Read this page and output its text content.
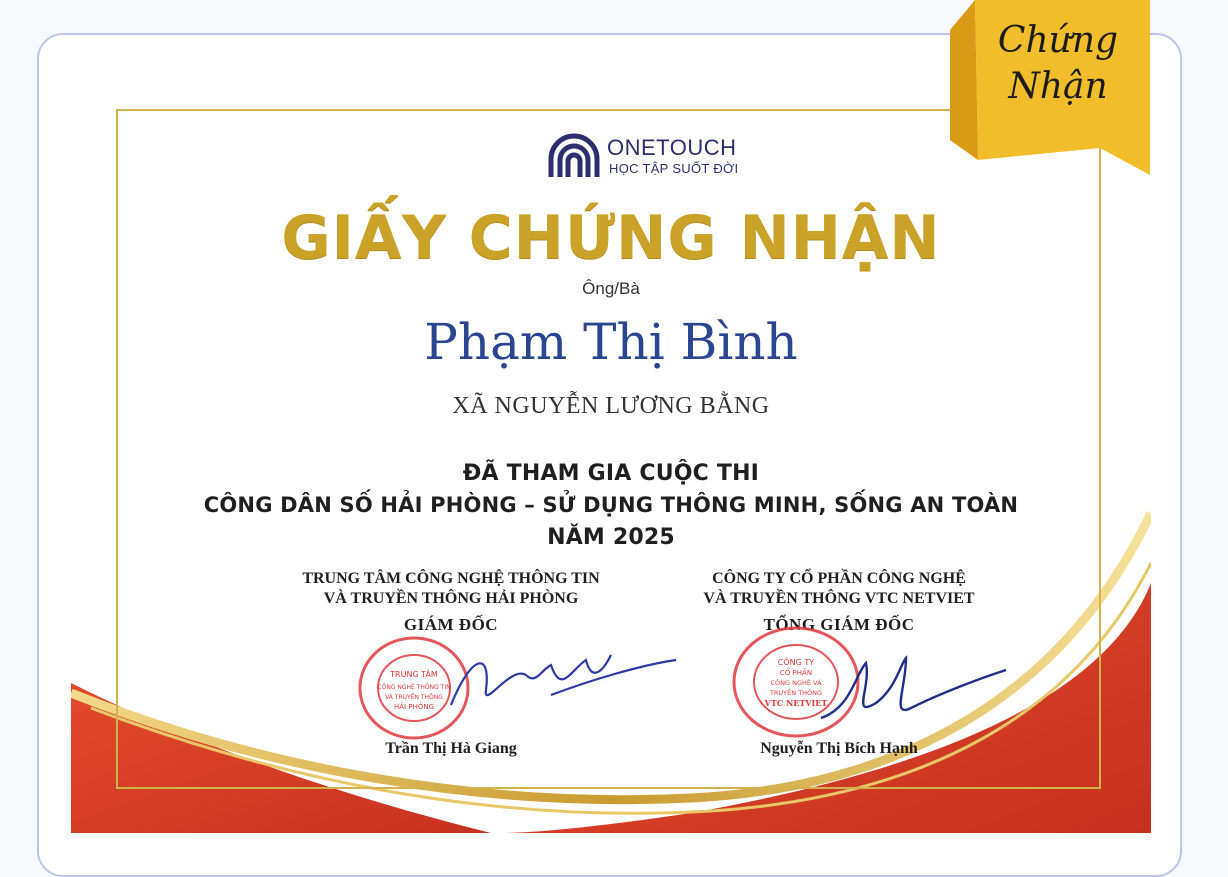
ONETOUCH
HỌC TẬP SUỐT ĐỜI
GIẤY CHỨNG NHẬN
Ông/Bà
Phạm Thị Bình
XÃ NGUYỄN LƯƠNG BẰNG
ĐÃ THAM GIA CUỘC THI
CÔNG DÂN SỐ HẢI PHÒNG – SỬ DỤNG THÔNG MINH, SỐNG AN TOÀN
NĂM 2025
TRUNG TÂM CÔNG NGHỆ THÔNG TIN
VÀ TRUYỀN THÔNG HẢI PHÒNG
GIÁM ĐỐC
TRUNG TÂM
CÔNG NGHỆ THÔNG TIN
VÀ TRUYỀN THÔNG
HẢI PHÒNG
Trần Thị Hà Giang
CÔNG TY CỔ PHẦN CÔNG NGHỆ
VÀ TRUYỀN THÔNG VTC NETVIET
TỔNG GIÁM ĐỐC
CÔNG TY
CỔ PHẦN
CÔNG NGHỆ VÀ
TRUYỀN THÔNG
VTC NETVIET
Nguyễn Thị Bích Hạnh
Chứng
Nhận
